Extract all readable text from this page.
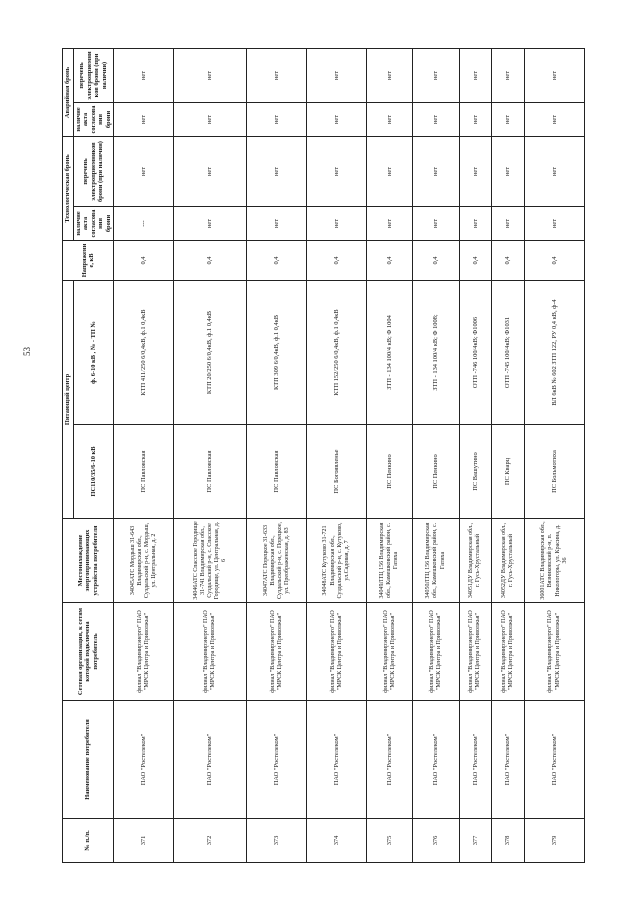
53
№ п./п.	Наименование потребителя	Сетевая организация, к сетям которой подключена потребитель	Местонахождение энергопринимающих устройства потребителя	Питающий центр		Напряжение, кВ	Технологическая бронь		Аварийная бронь	
				ПС110/35/6-10 кВ	ф. 6-10 кВ , № - ТП №		наличие акта согласования брони	перечень электроприемников брони (при наличии)	наличие акта согласования брони	перечень электроприемников брони (при наличии)
371	ПАО "Ростелеком"	филиал "Владимирэнерго" ПАО "МРСК Центра и Приволжья"	34045АТС Мордыш 31-643 Владимирская обл., Суздальский р-н, с. Мордыш, ул. Центральная, д. 2	ПС Павловская	КТП 411/250 6/0,4кВ, ф.1 0,4кВ	0,4	---	нет	нет	нет
372	ПАО "Ростелеком"	филиал "Владимирэнерго" ПАО "МРСК Центра и Приволжья"	34046АТС Спасское Городище 31-741 Владимирская обл., Суздальский р-н, с. Спасское Городище, ул. Центральная, д. 6	ПС Павловская	КТП 20/250 6/0,4кВ, ф.1 0,4кВ	0,4	нет	нет	нет	нет
373	ПАО "Ростелеком"	филиал "Владимирэнерго" ПАО "МРСК Центра и Приволжья"	34047АТС Порецкое 31-633 Владимирская обл., Суздальский р-н, с. Порецкое, ул. Преображенская, д. 83	ПС Павловская	КТП 309 6/0,4кВ, ф.1 0,4кВ	0,4	нет	нет	нет	нет
374	ПАО "Ростелеком"	филиал "Владимирэнерго" ПАО "МРСК Центра и Приволжья"	34048АТС Кутуково 31-721 Владимирская обл., Суздальский р-н, с. Кутуково, ул.Садовая, д. 7	ПС Богоявленье	КТП 152/250 6/0,4кВ, ф.1 0,4кВ	0,4	нет	нет	нет	нет
375	ПАО "Ростелеком"	филиал "Владимирэнерго" ПАО "МРСК Центра и Приволжья"	34049ЛТЦ 156 Владимирская обл., Камешковский район, с. Гатиха	ПС Пенкино	ЗТП - 134 100/4 кВ; Ф 1004	0,4	нет	нет	нет	нет
376	ПАО "Ростелеком"	филиал "Владимирэнерго" ПАО "МРСК Центра и Приволжья"	34050ЛТЦ 156 Владимирская обл., Камешковский район, с. Гатиха	ПС Пенкино	ЗТП - 134 100/4 кВ; Ф 1008;	0,4	нет	нет	нет	нет
377	ПАО "Ростелеком"	филиал "Владимирэнерго" ПАО "МРСК Центра и Приволжья"	34051ДУ Владимирская обл., г. Гусь-Хрустальный	ПС Вашутино	ОТП -746 100/4кВ; Ф1006	0,4	нет	нет	нет	нет
378	ПАО "Ростелеком"	филиал "Владимирэнерго" ПАО "МРСК Центра и Приволжья"	34052ДУ Владимирская обл., г. Гусь-Хрустальный	ПС Кварц	ОТП -745 100/4кВ; Ф1031	0,4	нет	нет	нет	нет
379	ПАО "Ростелеком"	филиал "Владимирэнерго" ПАО "МРСК Центра и Приволжья"	36001АТС Владимирская обл., Вязниковский р-н, п. Никологоры, ул. Красина, д. 36	ПС Больмотиха	ВЛ 6кВ № 602 ЗТП 122, РУ 0,4 кВ, ф-4	0,4	нет	нет	нет	нет
